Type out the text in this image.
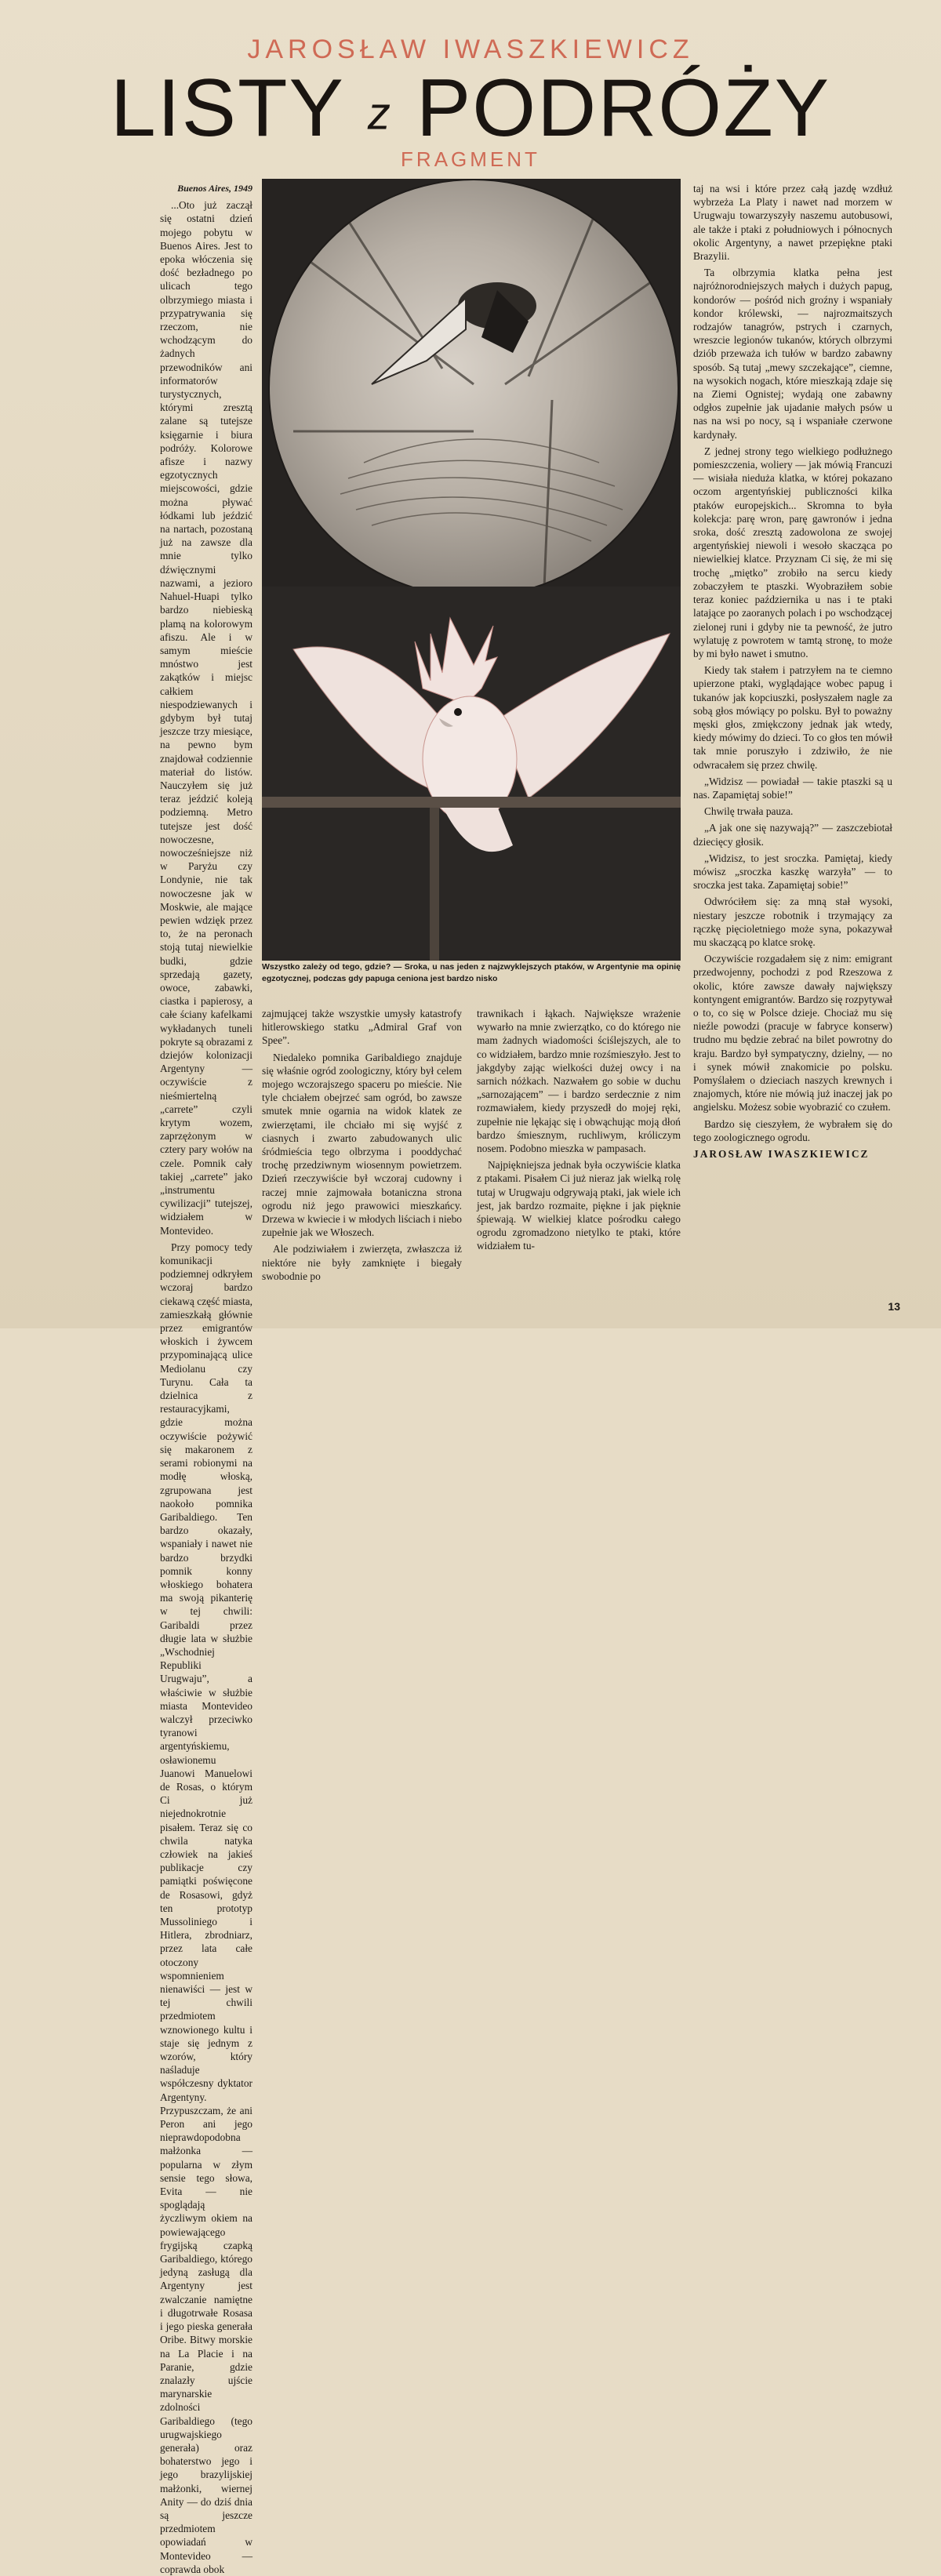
JAROSŁAW IWASZKIEWICZ
LISTY z PODRÓŻY
FRAGMENT
Buenos Aires, 1949

...Oto już zaczął się ostatni dzień mojego pobytu w Buenos Aires. Jest to epoka włóczenia się dość bezładnego po ulicach tego olbrzymiego miasta i przypatrywania się rzeczom, nie wchodzącym do żadnych przewodników ani informatorów turystycznych, którymi zresztą zalane są tutejsze księgarnie i biura podróży. Kolorowe afisze i nazwy egzotycznych miejscowości, gdzie można pływać łódkami lub jeździć na nartach, pozostaną już na zawsze dla mnie tylko dźwięcznymi nazwami, a jezioro Nahuel-Huapi tylko bardzo niebieską plamą na kolorowym afiszu. Ale i w samym mieście mnóstwo jest zakątków i miejsc całkiem niespodziewanych i gdybym był tutaj jeszcze trzy miesiące, na pewno bym znajdował codziennie materiał do listów. Nauczyłem się już teraz jeździć koleją podziemną. Metro tutejsze jest dość nowoczesne, nowocześniejsze niż w Paryżu czy Londynie, nie tak nowoczesne jak w Moskwie, ale mające pewien wdzięk przez to, że na peronach stoją tutaj niewielkie budki, gdzie sprzedają gazety, owoce, zabawki, ciastka i papierosy, a całe ściany kafelkami wykładanych tuneli pokryte są obrazami z dziejów kolonizacji Argentyny — oczywiście z nieśmiertelną „carrete” czyli krytym wozem, zaprzężonym w cztery pary wołów na czele. Pomnik cały takiej „carrete” jako „instrumentu cywilizacji” tutejszej, widziałem w Montevideo.

Przy pomocy tedy komunikacji podziemnej odkryłem wczoraj bardzo ciekawą część miasta, zamieszkałą głównie przez emigrantów włoskich i żywcem przypominającą ulice Mediolanu czy Turynu. Cała ta dzielnica z restauracyjkami, gdzie można oczywiście pożywić się makaronem z serami robionymi na modłę włoską, zgrupowana jest naokoło pomnika Garibaldiego. Ten bardzo okazały, wspaniały i nawet nie bardzo brzydki pomnik konny włoskiego bohatera ma swoją pikanterię w tej chwili: Garibaldi przez długie lata w służbie „Wschodniej Republiki Urugwaju”, a właściwie w służbie miasta Montevideo walczył przeciwko tyranowi argentyńskiemu, osławionemu Juanowi Manuelowi de Rosas, o którym Ci już niejednokrotnie pisałem. Teraz się co chwila natyka człowiek na jakieś publikacje czy pamiątki poświęcone de Rosasowi, gdyż ten prototyp Mussoliniego i Hitlera, zbrodniarz, przez lata całe otoczony wspomnieniem nienawiści — jest w tej chwili przedmiotem wznowionego kultu i staje się jednym z wzorów, który naśladuje współczesny dyktator Argentyny. Przypuszczam, że ani Peron ani jego nieprawdopodobna małżonka — popularna w złym sensie tego słowa, Evita — nie spoglądają życzliwym okiem na powiewającego frygijską czapką Garibaldiego, którego jedyną zasługą dla Argentyny jest zwalczanie namiętne i długotrwałe Rosasa i jego pieska generała Oribe. Bitwy morskie na La Placie i na Paranie, gdzie znalazły ujście marynarskie zdolności Garibaldiego (tego urugwajskiego generała) oraz bohaterstwo jego i jego brazylijskiej małżonki, wiernej Anity — do dziś dnia są jeszcze przedmiotem opowiadań w Montevideo — coprawda obok

Wszystko zależy od tego, gdzie? — Sroka, u nas jeden z najzwyklejszych ptaków, w Argentynie ma opinię egzotycznej, podczas gdy papuga ceniona jest bardzo nisko

zajmującej także wszystkie umysły katastrofy hitlerowskiego statku „Admiral Graf von Spee”.

Niedaleko pomnika Garibaldiego znajduje się właśnie ogród zoologiczny, który był celem mojego wczorajszego spaceru po mieście. Nie tyle chciałem obejrzeć sam ogród, bo zawsze smutek mnie ogarnia na widok klatek ze zwierzętami, ile chciało mi się wyjść z ciasnych i zwarto zabudowanych ulic śródmieścia tego olbrzyma i pooddychać trochę przedziwnym wiosennym powietrzem. Dzień rzeczywiście był wczoraj cudowny i raczej mnie zajmowała botaniczna strona ogrodu niż jego prawowici mieszkańcy. Drzewa w kwiecie i w młodych liściach i niebo zupełnie jak we Włoszech.

Ale podziwiałem i zwierzęta, zwłaszcza iż niektóre nie były zamknięte i biegały swobodnie po

trawnikach i łąkach. Największe wrażenie wywarło na mnie zwierzątko, co do którego nie mam żadnych wiadomości ściślejszych, ale to co widziałem, bardzo mnie rozśmieszyło. Jest to jakgdyby zając wielkości dużej owcy i na sarnich nóżkach. Nazwałem go sobie w duchu „sarnozającem” — i bardzo serdecznie z nim rozmawiałem, kiedy przyszedł do mojej ręki, zupełnie nie lękając się i obwąchując moją dłoń bardzo śmiesznym, ruchliwym, króliczym nosem. Podobno mieszka w pampasach.

Najpiękniejsza jednak była oczywiście klatka z ptakami. Pisałem Ci już nieraz jak wielką rolę tutaj w Urugwaju odgrywają ptaki, jak wiele ich jest, jak bardzo rozmaite, piękne i jak pięknie śpiewają. W wielkiej klatce pośrodku całego ogrodu zgromadzono nietylko te ptaki, które widziałem tu-

taj na wsi i które przez całą jazdę wzdłuż wybrzeża La Platy i nawet nad morzem w Urugwaju towarzyszyły naszemu autobusowi, ale także i ptaki z południowych i północnych okolic Argentyny, a nawet przepiękne ptaki Brazylii.

Ta olbrzymia klatka pełna jest najróżnorodniejszych małych i dużych papug, kondorów — pośród nich groźny i wspaniały kondor królewski, — najrozmaitszych rodzajów tanagrów, pstrych i czarnych, wreszcie legionów tukanów, których olbrzymi dziób przeważa ich tułów w bardzo zabawny sposób. Są tutaj „mewy szczekające”, ciemne, na wysokich nogach, które mieszkają zdaje się na Ziemi Ognistej; wydają one zabawny odgłos zupełnie jak ujadanie małych psów u nas na wsi po nocy, są i wspaniałe czerwone kardynały.

Z jednej strony tego wielkiego podłużnego pomieszczenia, woliery — jak mówią Francuzi — wisiała nieduża klatka, w której pokazano oczom argentyńskiej publiczności kilka ptaków europejskich... Skromna to była kolekcja: parę wron, parę gawronów i jedna sroka, dość zresztą zadowolona ze swojej argentyńskiej niewoli i wesoło skacząca po niewielkiej klatce. Przyznam Ci się, że mi się trochę „miętko” zrobiło na sercu kiedy zobaczyłem te ptaszki. Wyobraziłem sobie teraz koniec października u nas i te ptaki latające po zaoranych polach i po wschodzącej zielonej runi i gdyby nie ta pewność, że jutro wylatuję z powrotem w tamtą stronę, to może by mi było nawet i smutno.

Kiedy tak stałem i patrzyłem na te ciemno upierzone ptaki, wyglądające wobec papug i tukanów jak kopciuszki, posłyszałem nagle za sobą głos mówiący po polsku. Był to poważny męski głos, zmiękczony jednak jak wtedy, kiedy mówimy do dzieci. To co głos ten mówił tak mnie poruszyło i zdziwiło, że nie odwracałem się przez chwilę.

„Widzisz — powiadał — takie ptaszki są u nas. Zapamiętaj sobie!”

Chwilę trwała pauza.

„A jak one się nazywają?” — zaszczebiotał dziecięcy głosik.

„Widzisz, to jest sroczka. Pamiętaj, kiedy mówisz „sroczka kaszkę warzyła” — to sroczka jest taka. Zapamiętaj sobie!”

Odwróciłem się: za mną stał wysoki, niestary jeszcze robotnik i trzymający za rączkę pięcioletniego może syna, pokazywał mu skaczącą po klatce srokę.

Oczywiście rozgadałem się z nim: emigrant przedwojenny, pochodzi z pod Rzeszowa z okolic, które zawsze dawały największy kontyngent emigrantów. Bardzo się rozpytywał o to, co się w Polsce dzieje. Chociaż mu się nieźle powodzi (pracuje w fabryce konserw) trudno mu będzie zebrać na bilet powrotny do kraju. Bardzo był sympatyczny, dzielny, — no i synek mówił znakomicie po polsku. Pomyślałem o dzieciach naszych krewnych i znajomych, które nie mówią już inaczej jak po angielsku. Możesz sobie wyobrazić co czułem.

Bardzo się cieszyłem, że wybrałem się do tego zoologicznego ogrodu.

JAROSŁAW IWASZKIEWICZ

13
